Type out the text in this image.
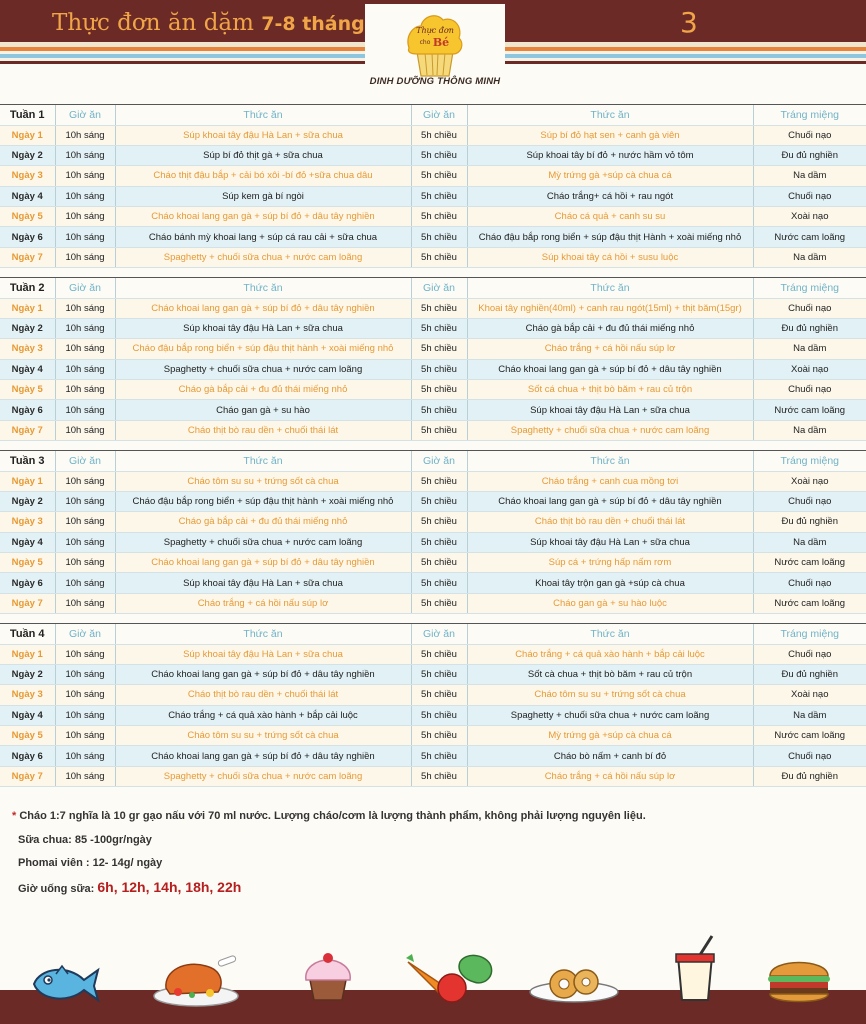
Thực đơn ăn dặm 7-8 tháng	3
Thực đơn
cho Bé
DINH DƯỠNG THÔNG MINH
Tuần 1	Giờ ăn	Thức ăn	Giờ ăn	Thức ăn	Tráng miệng
Ngày 1	10h sáng	Súp khoai tây đậu Hà Lan + sữa chua	5h chiều	Súp bí đỏ hạt sen + canh gà viên	Chuối nạo
Ngày 2	10h sáng	Súp bí đỏ thịt gà + sữa chua	5h chiều	Súp khoai tây bí đỏ + nước hầm vỏ tôm	Đu đủ nghiền
Ngày 3	10h sáng	Cháo thịt đậu bắp + cải bó xôi -bí đỏ +sữa chua dâu	5h chiều	Mỳ trứng gà +súp cà chua cá	Na dầm
Ngày 4	10h sáng	Súp kem gà bí ngòi	5h chiều	Cháo trắng+ cá hồi + rau ngót	Chuối nạo
Ngày 5	10h sáng	Cháo khoai lang gan gà + súp bí đỏ + dâu tây nghiền	5h chiều	Cháo cá quả + canh su su	Xoài nạo
Ngày 6	10h sáng	Cháo bánh mỳ khoai lang + súp cá rau cải + sữa chua	5h chiều	Cháo đậu bắp rong biển + súp đậu thịt Hành + xoài miếng nhỏ	Nước cam loãng
Ngày 7	10h sáng	Spaghetty + chuối sữa chua + nước cam loãng	5h chiều	Súp khoai tây cá hồi + susu luộc	Na dầm
Tuần 2	Giờ ăn	Thức ăn	Giờ ăn	Thức ăn	Tráng miệng
Ngày 1	10h sáng	Cháo khoai lang gan gà + súp bí đỏ + dâu tây nghiền	5h chiều	Khoai tây nghiền(40ml) + canh rau ngót(15ml) + thịt băm(15gr)	Chuối nạo
Ngày 2	10h sáng	Súp khoai tây đậu Hà Lan + sữa chua	5h chiều	Cháo gà bắp cải + đu đủ thái miếng nhỏ	Đu đủ nghiền
Ngày 3	10h sáng	Cháo đậu bắp rong biển + súp đậu thịt hành + xoài miếng nhỏ	5h chiều	Cháo trắng + cá hồi nấu súp lơ	Na dầm
Ngày 4	10h sáng	Spaghetty + chuối sữa chua + nước cam loãng	5h chiều	Cháo khoai lang gan gà + súp bí đỏ + dâu tây nghiền	Xoài nạo
Ngày 5	10h sáng	Cháo gà bắp cải + đu đủ thái miếng nhỏ	5h chiều	Sốt cá chua + thịt bò băm + rau củ trộn	Chuối nạo
Ngày 6	10h sáng	Cháo gan gà + su hào	5h chiều	Súp khoai tây đậu Hà Lan + sữa chua	Nước cam loãng
Ngày 7	10h sáng	Cháo thịt bò rau dền + chuối thái lát	5h chiều	Spaghetty + chuối sữa chua + nước cam loãng	Na dầm
Tuần 3	Giờ ăn	Thức ăn	Giờ ăn	Thức ăn	Tráng miệng
Ngày 1	10h sáng	Cháo tôm su su + trứng sốt cà chua	5h chiều	Cháo trắng + canh cua mồng tơi	Xoài nạo
Ngày 2	10h sáng	Cháo đậu bắp rong biển + súp đậu thịt hành + xoài miếng nhỏ	5h chiều	Cháo khoai lang gan gà + súp bí đỏ + dâu tây nghiền	Chuối nạo
Ngày 3	10h sáng	Cháo gà bắp cải + đu đủ thái miếng nhỏ	5h chiều	Cháo thịt bò rau dền + chuối thái lát	Đu đủ nghiền
Ngày 4	10h sáng	Spaghetty + chuối sữa chua + nước cam loãng	5h chiều	Súp khoai tây đậu Hà Lan + sữa chua	Na dầm
Ngày 5	10h sáng	Cháo khoai lang gan gà + súp bí đỏ + dâu tây nghiền	5h chiều	Súp cá + trứng hấp nấm rơm	Nước cam loãng
Ngày 6	10h sáng	Súp khoai tây đậu Hà Lan + sữa chua	5h chiều	Khoai tây trộn gan gà +súp cà chua	Chuối nạo
Ngày 7	10h sáng	Cháo trắng + cá hồi nấu súp lơ	5h chiều	Cháo gan gà + su hào luộc	Nước cam loãng
Tuần 4	Giờ ăn	Thức ăn	Giờ ăn	Thức ăn	Tráng miệng
Ngày 1	10h sáng	Súp khoai tây đậu Hà Lan + sữa chua	5h chiều	Cháo trắng + cá quả xào hành + bắp cải luộc	Chuối nạo
Ngày 2	10h sáng	Cháo khoai lang gan gà + súp bí đỏ + dâu tây nghiền	5h chiều	Sốt cà chua + thịt bò băm + rau củ trộn	Đu đủ nghiền
Ngày 3	10h sáng	Cháo thịt bò rau dền + chuối thái lát	5h chiều	Cháo tôm su su + trứng sốt cà chua	Xoài nạo
Ngày 4	10h sáng	Cháo trắng + cá quả xào hành + bắp cải luộc	5h chiều	Spaghetty + chuối sữa chua + nước cam loãng	Na dầm
Ngày 5	10h sáng	Cháo tôm su su + trứng sốt cà chua	5h chiều	Mỳ trứng gà +súp cà chua cá	Nước cam loãng
Ngày 6	10h sáng	Cháo khoai lang gan gà + súp bí đỏ + dâu tây nghiền	5h chiều	Cháo bò nấm + canh bí đỏ	Chuối nạo
Ngày 7	10h sáng	Spaghetty + chuối sữa chua + nước cam loãng	5h chiều	Cháo trắng + cá hồi nấu súp lơ	Đu đủ nghiền
* Cháo 1:7 nghĩa là 10 gr gạo nấu với 70 ml nước. Lượng cháo/cơm là lượng thành phẩm, không phải lượng nguyên liệu.
Sữa chua: 85 -100gr/ngày
Phomai viên : 12- 14g/ ngày
Giờ uống sữa: 6h, 12h, 14h, 18h, 22h
